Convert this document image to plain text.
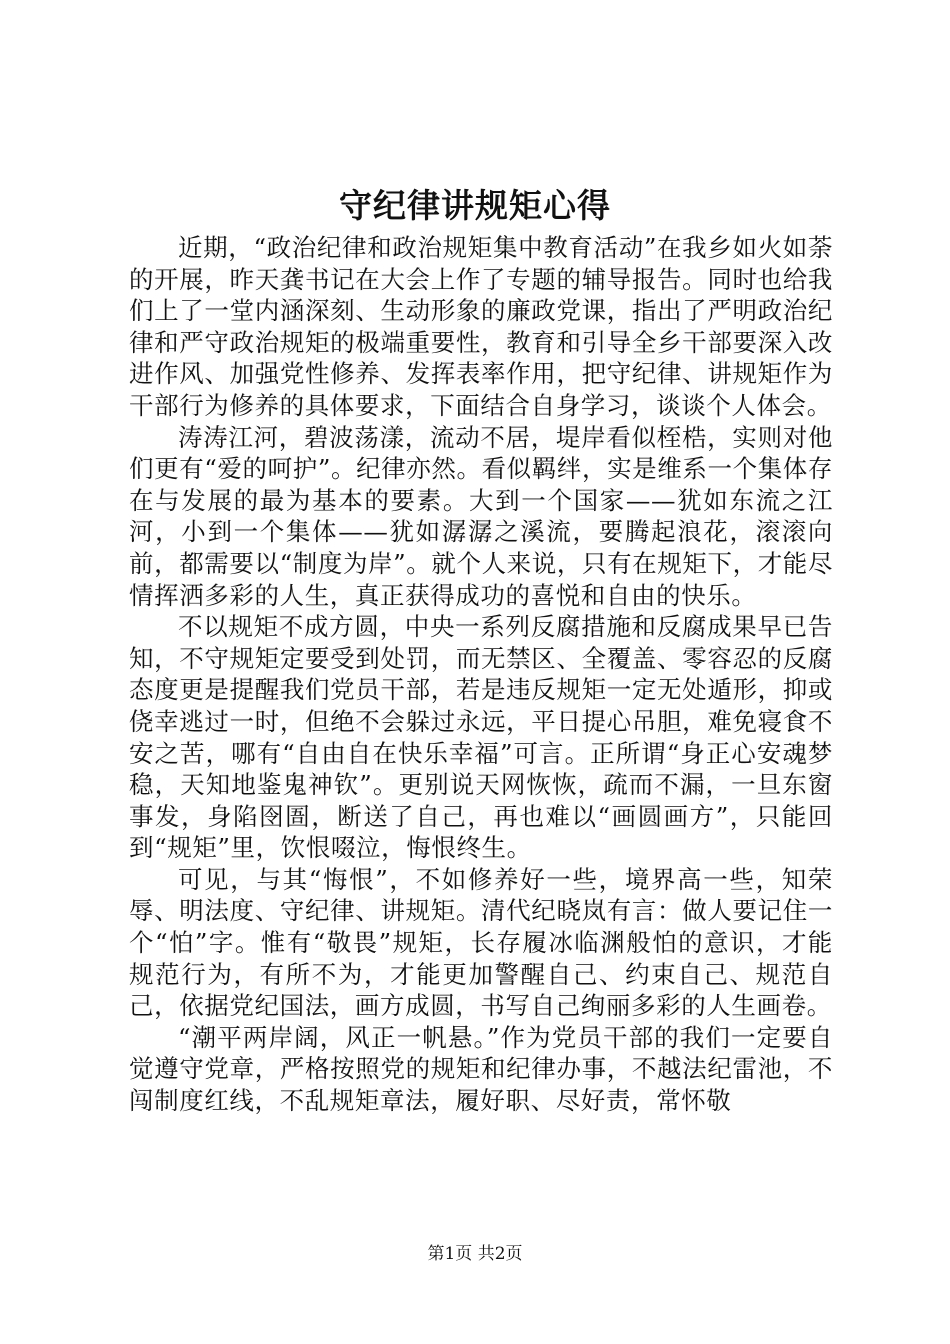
守纪律讲规矩心得

近期，“政治纪律和政治规矩集中教育活动”在我乡如火如荼的开展，昨天龚书记在大会上作了专题的辅导报告。同时也给我们上了一堂内涵深刻、生动形象的廉政党课，指出了严明政治纪律和严守政治规矩的极端重要性，教育和引导全乡干部要深入改进作风、加强党性修养、发挥表率作用，把守纪律、讲规矩作为干部行为修养的具体要求，下面结合自身学习，谈谈个人体会。

涛涛江河，碧波荡漾，流动不居，堤岸看似桎梏，实则对他们更有“爱的呵护”。纪律亦然。看似羁绊，实是维系一个集体存在与发展的最为基本的要素。大到一个国家——犹如东流之江河，小到一个集体——犹如潺潺之溪流，要腾起浪花，滚滚向前，都需要以“制度为岸”。就个人来说，只有在规矩下，才能尽情挥洒多彩的人生，真正获得成功的喜悦和自由的快乐。

不以规矩不成方圆，中央一系列反腐措施和反腐成果早已告知，不守规矩定要受到处罚，而无禁区、全覆盖、零容忍的反腐态度更是提醒我们党员干部，若是违反规矩一定无处遁形，抑或侥幸逃过一时，但绝不会躲过永远，平日提心吊胆，难免寝食不安之苦，哪有“自由自在快乐幸福”可言。正所谓“身正心安魂梦稳，天知地鉴鬼神钦”。更别说天网恢恢，疏而不漏，一旦东窗事发，身陷囹圄，断送了自己，再也难以“画圆画方”，只能回到“规矩”里，饮恨啜泣，悔恨终生。

可见，与其“悔恨”，不如修养好一些，境界高一些，知荣辱、明法度、守纪律、讲规矩。清代纪晓岚有言：做人要记住一个“怕”字。惟有“敬畏”规矩，长存履冰临渊般怕的意识，才能规范行为，有所不为，才能更加警醒自己、约束自己、规范自己，依据党纪国法，画方成圆，书写自己绚丽多彩的人生画卷。

“潮平两岸阔，风正一帆悬。”作为党员干部的我们一定要自觉遵守党章，严格按照党的规矩和纪律办事，不越法纪雷池，不闯制度红线，不乱规矩章法，履好职、尽好责，常怀敬

第1页 共2页
